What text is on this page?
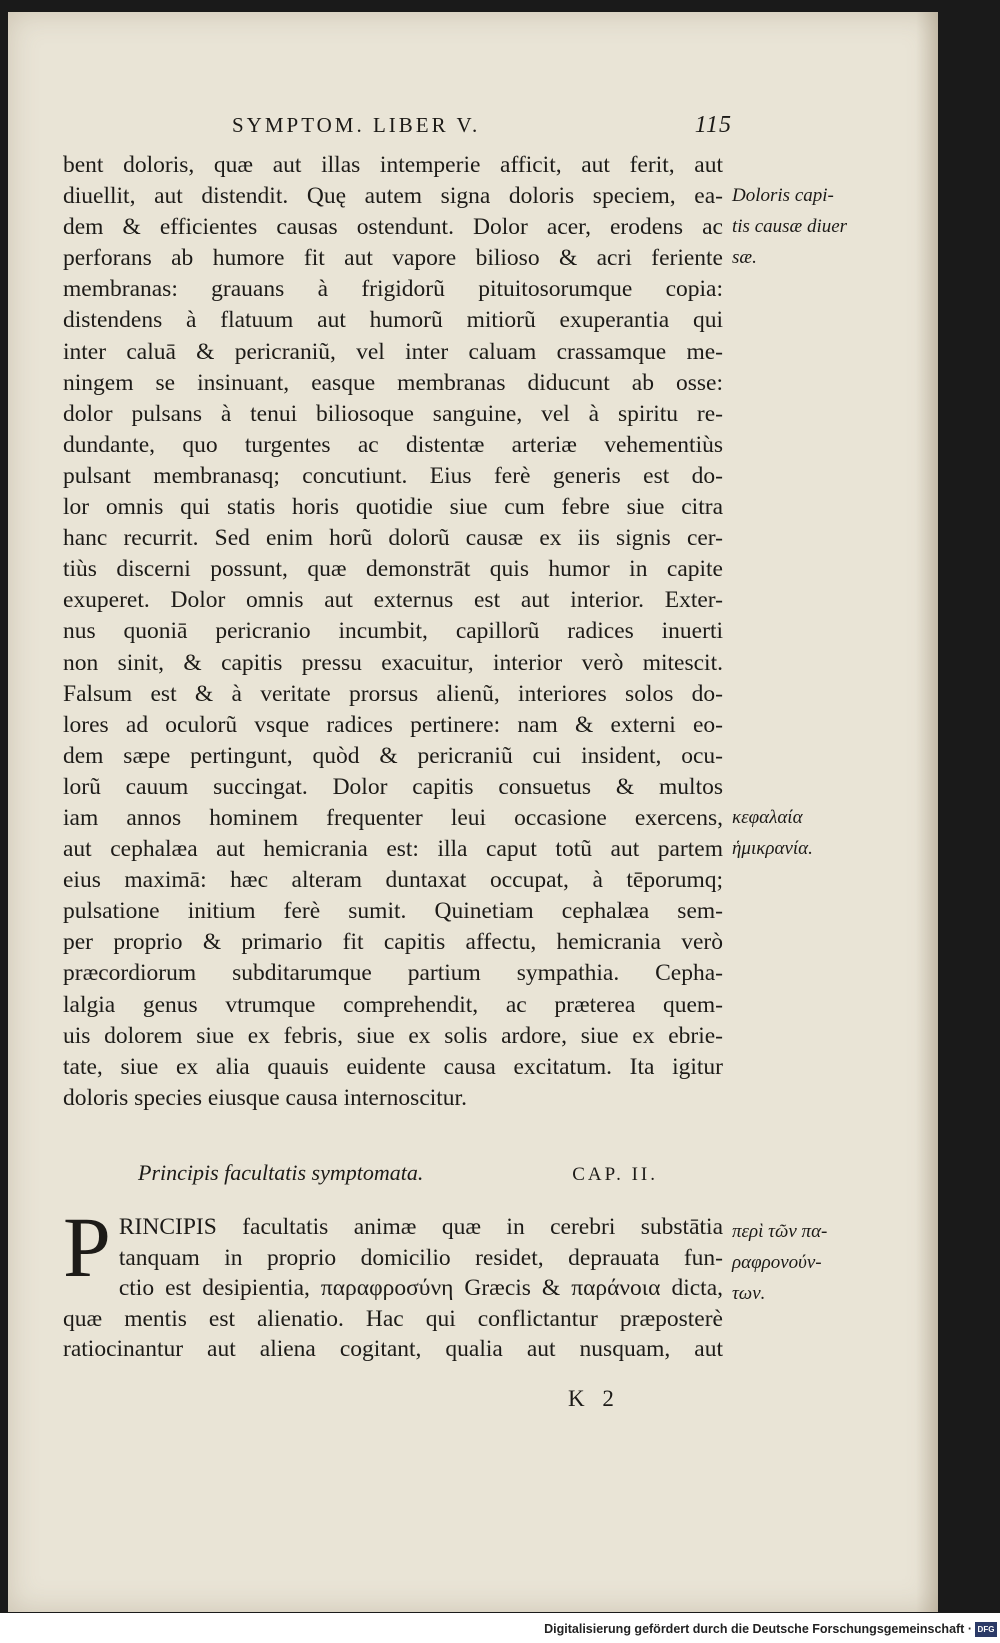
SYMPTOM. LIBER V.	115
bent doloris, quæ aut illas intemperie afficit, aut ferit, aut
diuellit, aut distendit. Quę autem signa doloris speciem, ea-
dem & efficientes causas ostendunt. Dolor acer, erodens ac
perforans ab humore fit aut vapore bilioso & acri feriente
membranas: grauans à frigidorũ pituitosorumque copia:
distendens à flatuum aut humorũ mitiorũ exuperantia qui
inter caluā & pericraniũ, vel inter caluam crassamque me-
ningem se insinuant, easque membranas diducunt ab osse:
dolor pulsans à tenui biliosoque sanguine, vel à spiritu re-
dundante, quo turgentes ac distentæ arteriæ vehementiùs
pulsant membranasq; concutiunt. Eius ferè generis est do-
lor omnis qui statis horis quotidie siue cum febre siue citra
hanc recurrit. Sed enim horũ dolorũ causæ ex iis signis cer-
tiùs discerni possunt, quæ demonstrāt quis humor in capite
exuperet. Dolor omnis aut externus est aut interior. Exter-
nus quoniā pericranio incumbit, capillorũ radices inuerti
non sinit, & capitis pressu exacuitur, interior verò mitescit.
Falsum est & à veritate prorsus alienũ, interiores solos do-
lores ad oculorũ vsque radices pertinere: nam & externi eo-
dem sæpe pertingunt, quòd & pericraniũ cui insident, ocu-
lorũ cauum succingat. Dolor capitis consuetus & multos
iam annos hominem frequenter leui occasione exercens,
aut cephalæa aut hemicrania est: illa caput totũ aut partem
eius maximā: hæc alteram duntaxat occupat, à tēporumq;
pulsatione initium ferè sumit. Quinetiam cephalæa sem-
per proprio & primario fit capitis affectu, hemicrania verò
præcordiorum subditarumque partium sympathia. Cepha-
lalgia genus vtrumque comprehendit, ac præterea quem-
uis dolorem siue ex febris, siue ex solis ardore, siue ex ebrie-
tate, siue ex alia quauis euidente causa excitatum. Ita igitur
doloris species eiusque causa internoscitur.
Doloris capi-
tis causæ diuer
sæ.
κεφαλαία
ἡμικρανία.
Principis facultatis symptomata.	CAP. II.
P RINCIPIS facultatis animæ quæ in cerebri substātia
tanquam in proprio domicilio residet, deprauata fun-
ctio est desipientia, παραφροσύνη Græcis & παράνοια dicta,
quæ mentis est alienatio. Hac qui conflictantur præposterè
ratiocinantur aut aliena cogitant, qualia aut nusquam, aut
περὶ τῶν πα-
ραφρονούν-
των.
K 2
Digitalisierung gefördert durch die Deutsche Forschungsgemeinschaft · DFG
